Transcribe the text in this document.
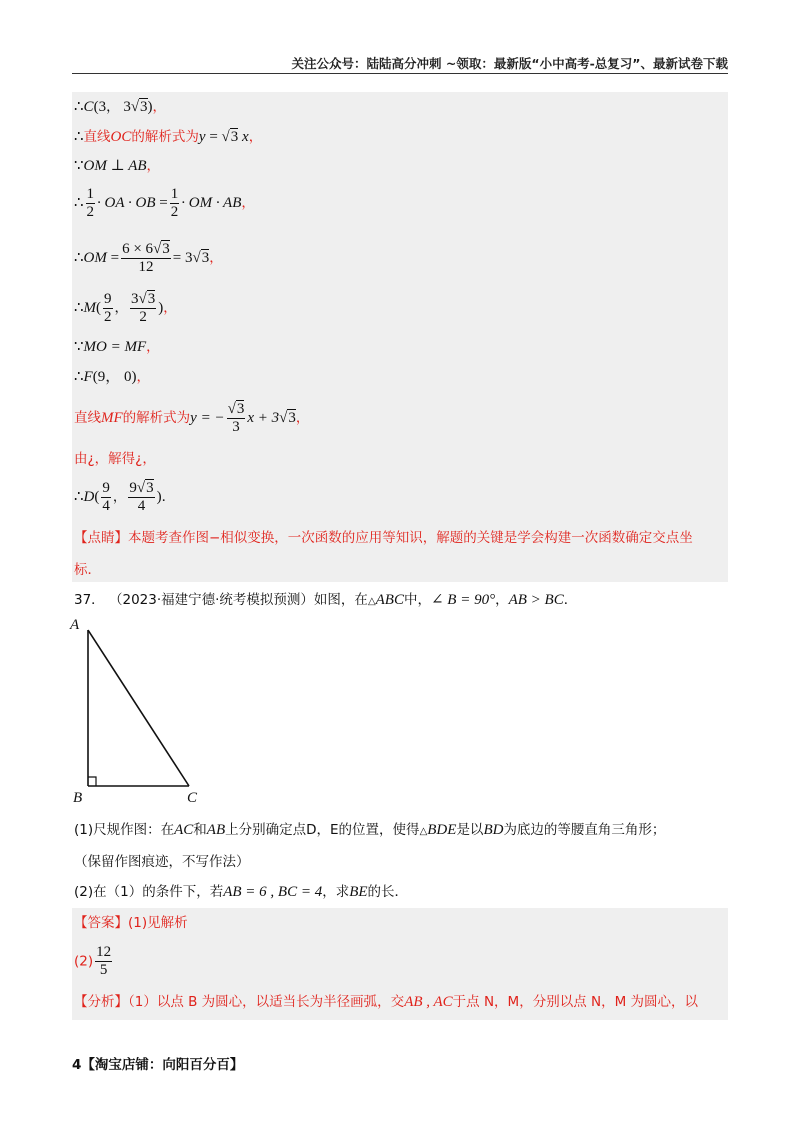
关注公众号：陆陆高分冲刺 ~领取：最新版“小中高考-总复习”、最新试卷下载
∴C(3， 3√3)，
∴直线OC的解析式为y = √3 x，
∵OM ⊥ AB，
∴ $\frac{1}{2}$ · OA · OB = $\frac{1}{2}$ · OM · AB，
∴OM = $\frac{6 \times 6√3}{12} = 3√3$，
∴M( $\frac{9}{2}$ ， $\frac{3√3}{2}$ )，
∵MO = MF，
∴F(9， 0)，
直线MF的解析式为y = − $\frac{√3}{3}$ x + 3√3，
由¿，解得¿，
∴D( $\frac{9}{4}$ ， $\frac{9√3}{4}$ )．
【点睛】本题考查作图−相似变换，一次函数的应用等知识，解题的关键是学会构建一次函数确定交点坐
标．
37． （2023·福建宁德·统考模拟预测）如图，在△ABC中，∠ B = 90°，AB > BC．
A
B	C
(1)尺规作图：在AC和AB上分别确定点D，E的位置，使得△BDE是以BD为底边的等腰直角三角形；
（保留作图痕迹，不写作法）
(2)在（1）的条件下，若AB = 6 , BC = 4，求BE的长．
【答案】(1)见解析
$(2) \frac{12}{5}$
【分析】（1）以点 B 为圆心，以适当长为半径画弧，交AB , AC于点 N，M，分别以点 N，M 为圆心，以
4【淘宝店铺：向阳百分百】
